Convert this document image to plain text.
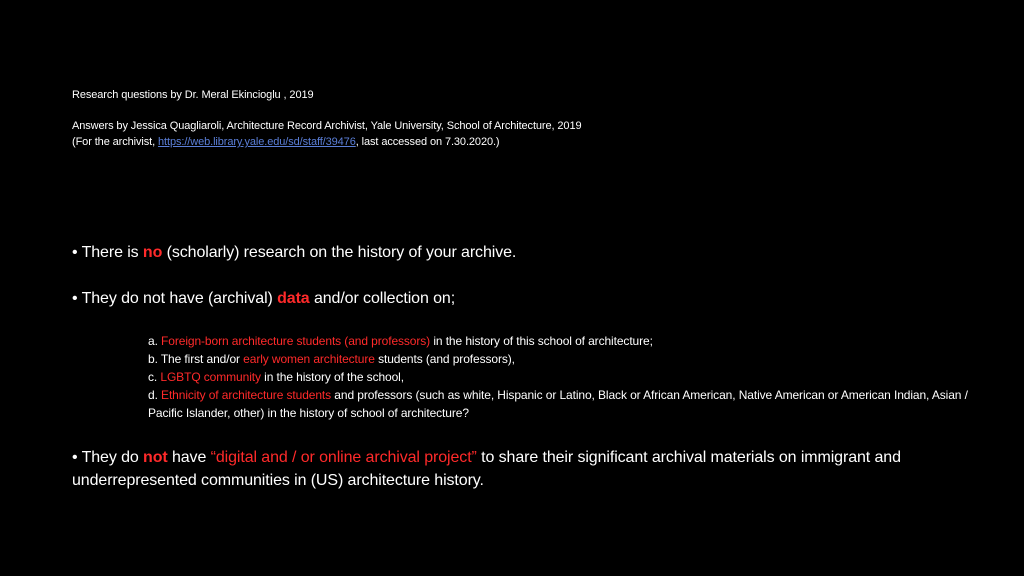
Research questions by Dr. Meral Ekincioglu , 2019
Answers by Jessica Quagliaroli, Architecture Record Archivist, Yale University, School of Architecture, 2019
(For the archivist, https://web.library.yale.edu/sd/staff/39476, last accessed on 7.30.2020.)
• There is no (scholarly) research on the history of your archive.
• They do not have (archival) data and/or collection on;
a. Foreign-born architecture students (and professors) in the history of this school of architecture;
b. The first and/or early women architecture students (and professors),
c. LGBTQ community in the history of the school,
d. Ethnicity of architecture students and professors (such as white, Hispanic or Latino, Black or African American, Native American or American Indian, Asian / Pacific Islander, other) in the history of school of architecture?
• They do not have “digital and / or online archival project” to share their significant archival materials on immigrant and underrepresented communities in (US) architecture history.
